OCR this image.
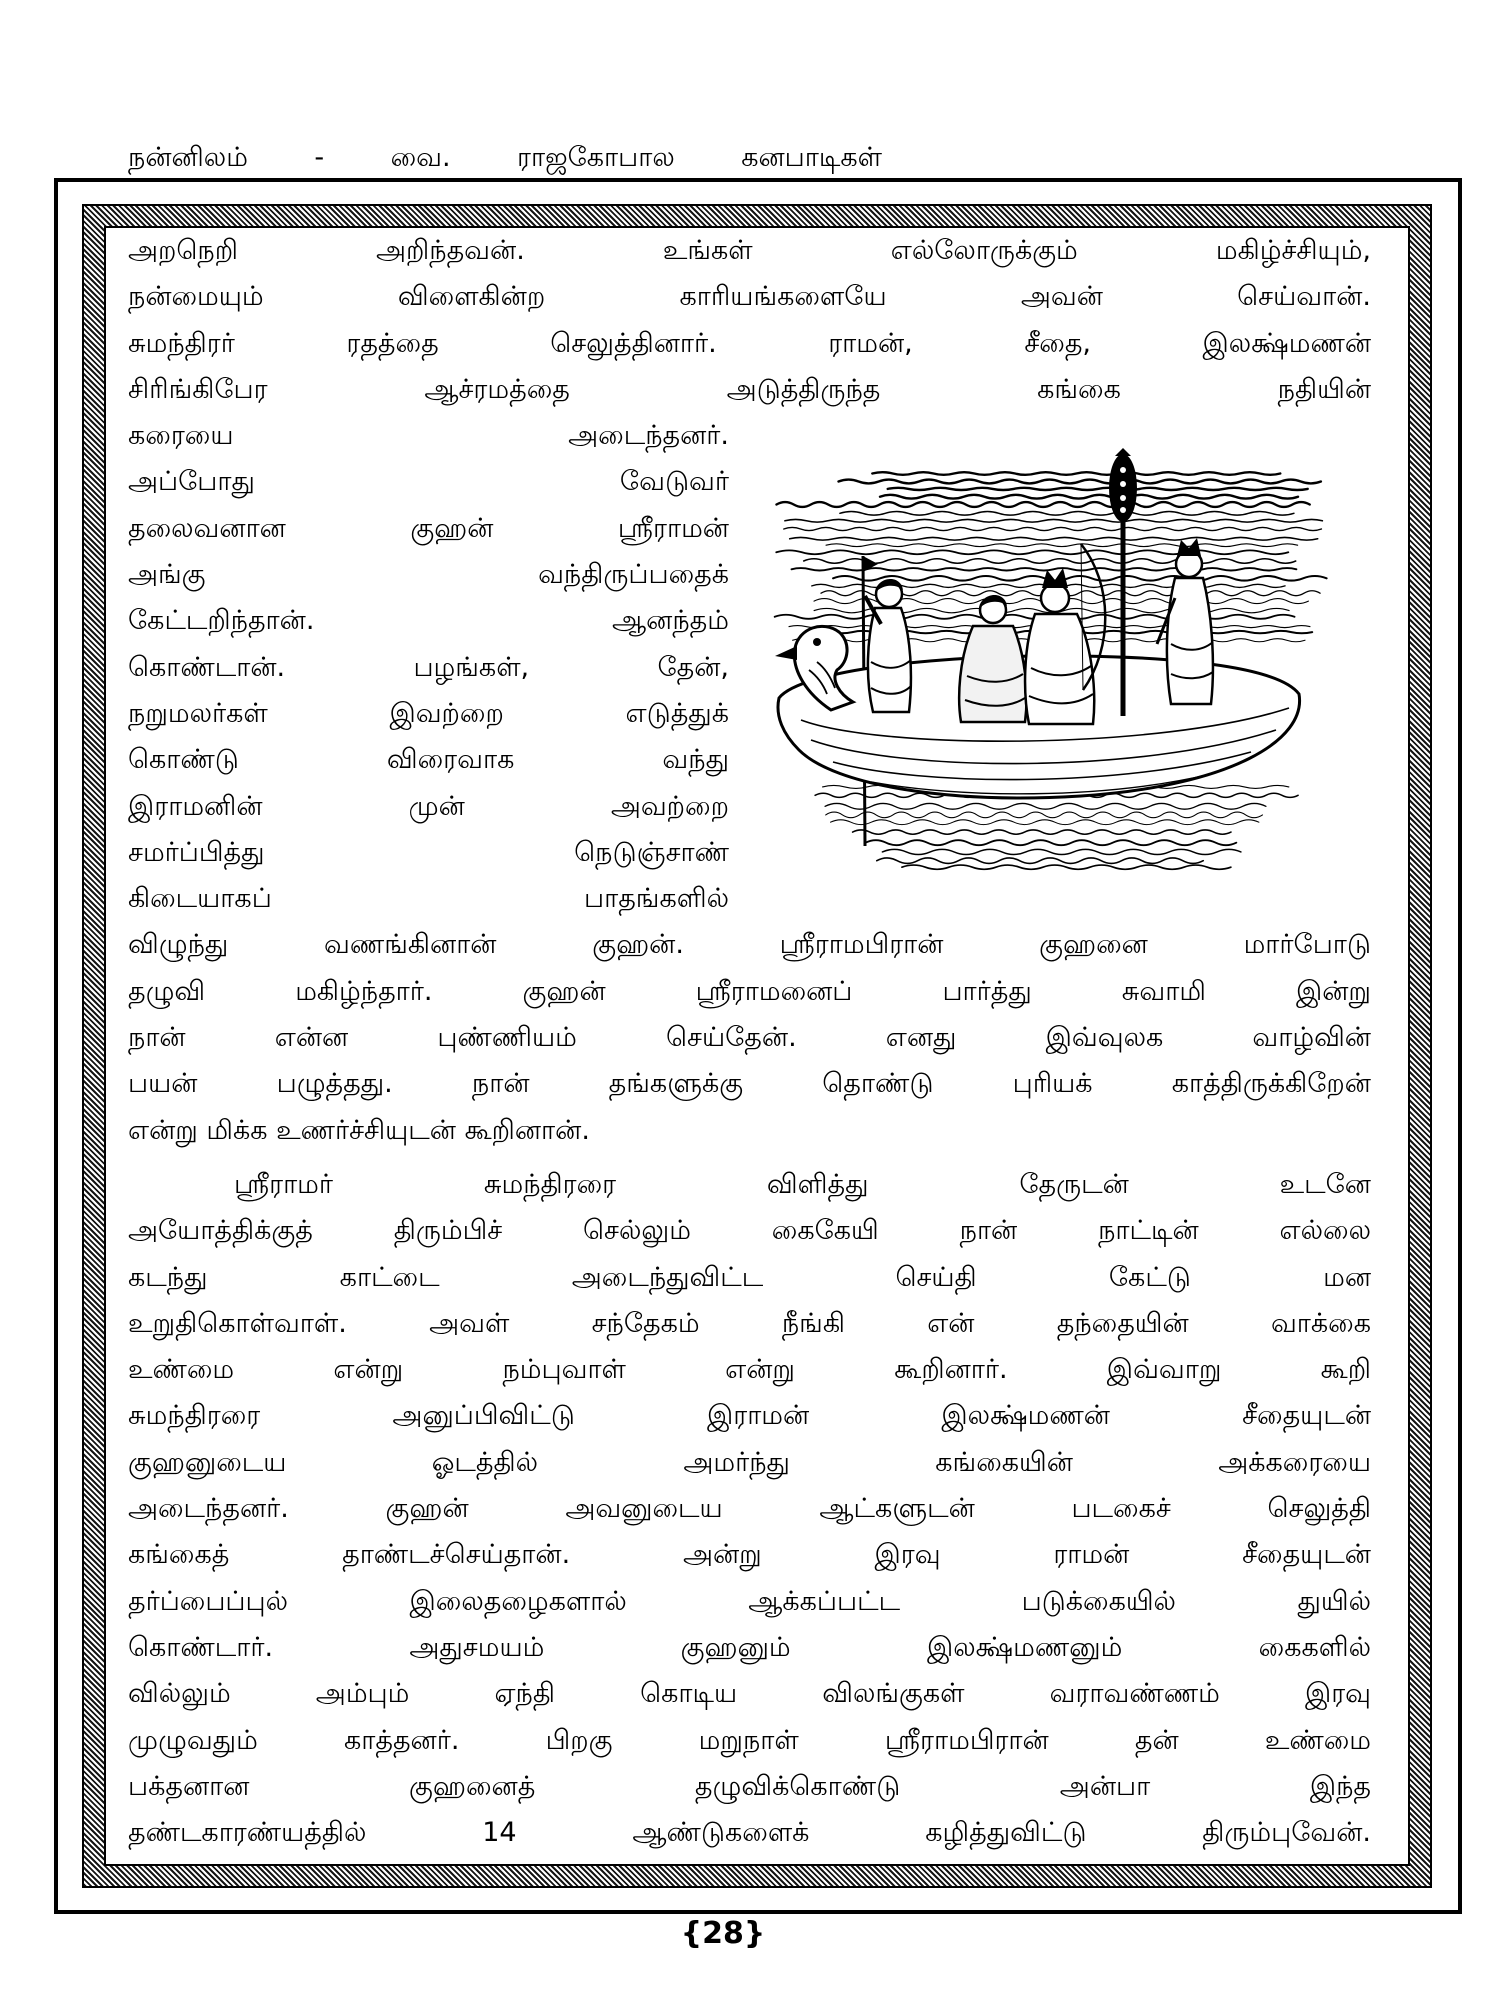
நன்னிலம் - வை. ராஜகோபால கனபாடிகள்
அறநெறி அறிந்தவன். உங்கள் எல்லோருக்கும் மகிழ்ச்சியும்,
நன்மையும் விளைகின்ற காரியங்களையே அவன் செய்வான்.
சுமந்திரர் ரதத்தை செலுத்தினார். ராமன், சீதை, இலக்ஷ்மணன்
சிரிங்கிபேர ஆச்ரமத்தை அடுத்திருந்த கங்கை நதியின்
கரையை அடைந்தனர்.
அப்போது வேடுவர்
தலைவனான குஹன் ஸ்ரீராமன்
அங்கு வந்திருப்பதைக்
கேட்டறிந்தான். ஆனந்தம்
கொண்டான். பழங்கள், தேன்,
நறுமலர்கள் இவற்றை எடுத்துக்
கொண்டு விரைவாக வந்து
இராமனின் முன் அவற்றை
சமர்ப்பித்து நெடுஞ்சாண்
கிடையாகப் பாதங்களில்
விழுந்து வணங்கினான் குஹன். ஸ்ரீராமபிரான் குஹனை மார்போடு
தழுவி மகிழ்ந்தார். குஹன் ஸ்ரீராமனைப் பார்த்து சுவாமி இன்று
நான் என்ன புண்ணியம் செய்தேன். எனது இவ்வுலக வாழ்வின்
பயன் பழுத்தது. நான் தங்களுக்கு தொண்டு புரியக் காத்திருக்கிறேன்
என்று மிக்க உணர்ச்சியுடன் கூறினான்.
ஸ்ரீராமர் சுமந்திரரை விளித்து தேருடன் உடனே
அயோத்திக்குத் திரும்பிச் செல்லும் கைகேயி நான் நாட்டின் எல்லை
கடந்து காட்டை அடைந்துவிட்ட செய்தி கேட்டு மன
உறுதிகொள்வாள். அவள் சந்தேகம் நீங்கி என் தந்தையின் வாக்கை
உண்மை என்று நம்புவாள் என்று கூறினார். இவ்வாறு கூறி
சுமந்திரரை அனுப்பிவிட்டு இராமன் இலக்ஷ்மணன் சீதையுடன்
குஹனுடைய ஓடத்தில் அமர்ந்து கங்கையின் அக்கரையை
அடைந்தனர். குஹன் அவனுடைய ஆட்களுடன் படகைச் செலுத்தி
கங்கைத் தாண்டச்செய்தான். அன்று இரவு ராமன் சீதையுடன்
தர்ப்பைப்புல் இலைதழைகளால் ஆக்கப்பட்ட படுக்கையில் துயில்
கொண்டார். அதுசமயம் குஹனும் இலக்ஷ்மணனும் கைகளில்
வில்லும் அம்பும் ஏந்தி கொடிய விலங்குகள் வராவண்ணம் இரவு
முழுவதும் காத்தனர். பிறகு மறுநாள் ஸ்ரீராமபிரான் தன் உண்மை
பக்தனான குஹனைத் தழுவிக்கொண்டு அன்பா இந்த
தண்டகாரண்யத்தில் 14 ஆண்டுகளைக் கழித்துவிட்டு திரும்புவேன்.
{28}
